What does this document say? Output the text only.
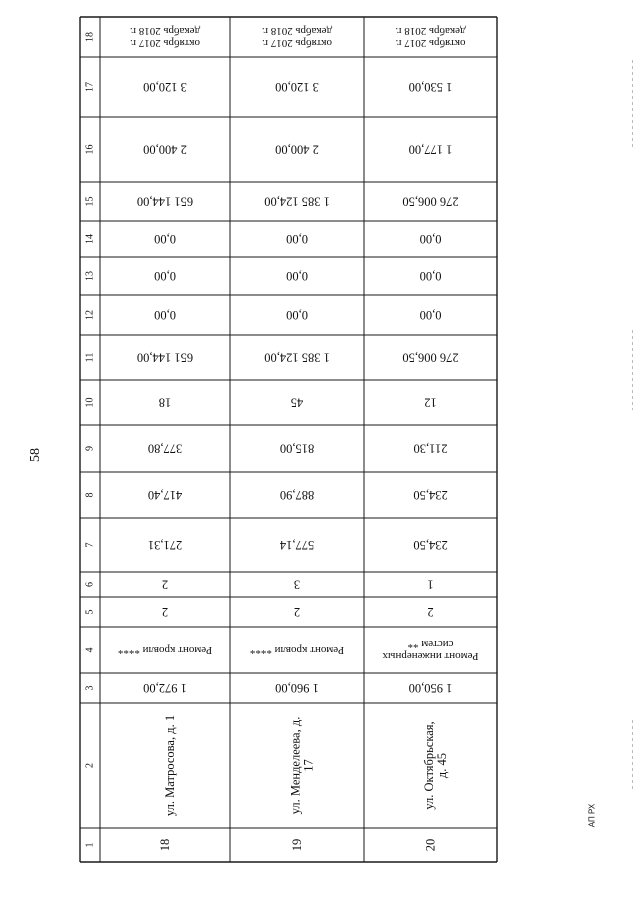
58
АП РХ
1
2
3
4
5
6
7
8
9
10
11
12
13
14
15
16
17
18
18
ул. Матросова, д. 1
1 972,00
Ремонт кровли ****
2
2
271,31
417,40
377,80
18
651 144,00
0,00
0,00
0,00
651 144,00
2 400,00
3 120,00
октябрь 2017 г.
декабрь 2018 г.
19
ул. Менделеева, д. 17
1 960,00
Ремонт кровли ****
2
3
577,14
887,90
815,00
45
1 385 124,00
0,00
0,00
0,00
1 385 124,00
2 400,00
3 120,00
октябрь 2017 г.
декабрь 2018 г.
20
ул. Октябрьская, д. 45
1 950,00
Ремонт инженерных
систем **
2
1
234,50
234,50
211,30
12
276 006,50
0,00
0,00
0,00
276 006,50
1 177,00
1 530,00
октябрь 2017 г.
декабрь 2018 г.
